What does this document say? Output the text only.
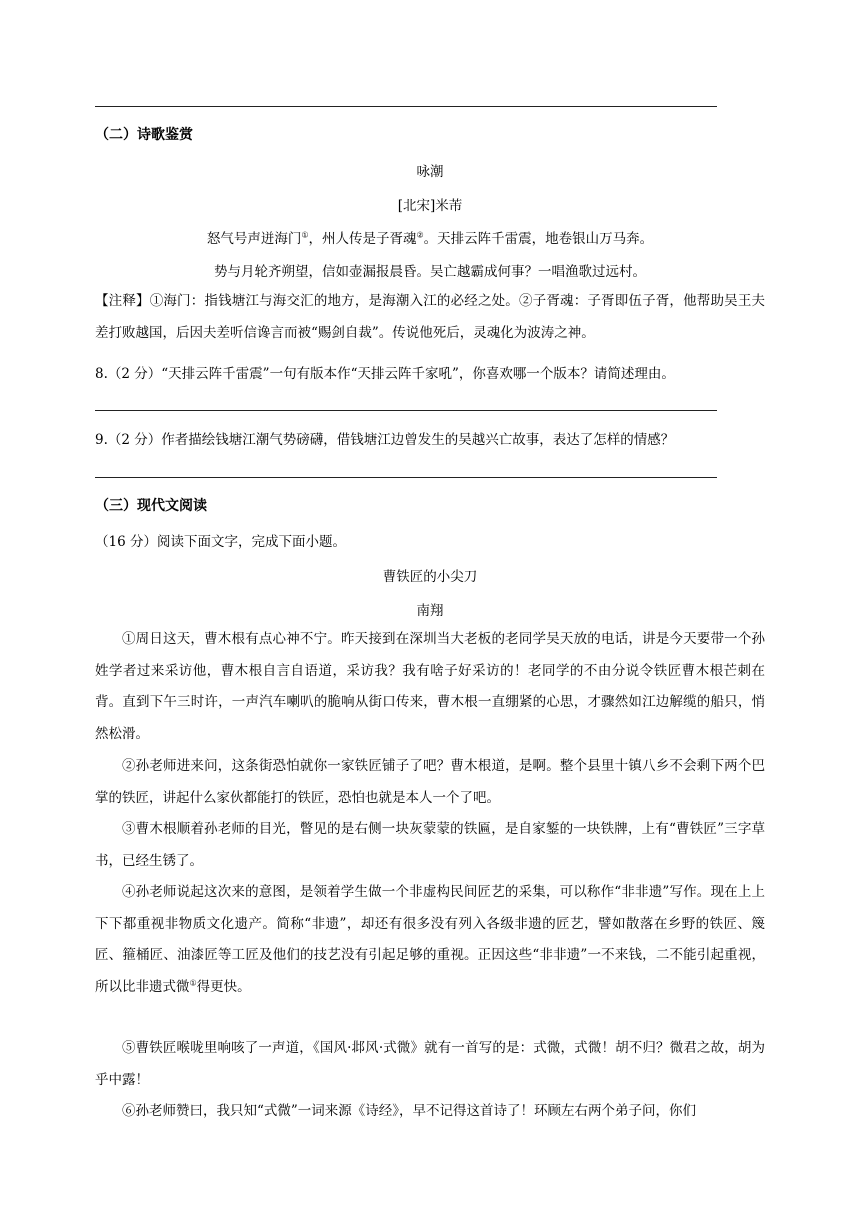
（二）诗歌鉴赏

咏潮

[北宋]米芾

怒气号声迸海门①，州人传是子胥魂②。天排云阵千雷震，地卷银山万马奔。

势与月轮齐朔望，信如壶漏报晨昏。吴亡越霸成何事？一唱渔歌过远村。

【注释】①海门：指钱塘江与海交汇的地方，是海潮入江的必经之处。②子胥魂：子胥即伍子胥，他帮助吴王夫差打败越国，后因夫差听信谗言而被“赐剑自裁”。传说他死后，灵魂化为波涛之神。

8.（2 分）“天排云阵千雷震”一句有版本作“天排云阵千家吼”，你喜欢哪一个版本？请简述理由。

9.（2 分）作者描绘钱塘江潮气势磅礴，借钱塘江边曾发生的吴越兴亡故事，表达了怎样的情感？

（三）现代文阅读

（16 分）阅读下面文字，完成下面小题。

曹铁匠的小尖刀

南翔

①周日这天，曹木根有点心神不宁。昨天接到在深圳当大老板的老同学吴天放的电话，讲是今天要带一个孙姓学者过来采访他，曹木根自言自语道，采访我？我有啥子好采访的！老同学的不由分说令铁匠曹木根芒刺在背。直到下午三时许，一声汽车喇叭的脆响从街口传来，曹木根一直绷紧的心思，才骤然如江边解缆的船只，悄然松滑。

②孙老师进来问，这条街恐怕就你一家铁匠铺子了吧？曹木根道，是啊。整个县里十镇八乡不会剩下两个巴掌的铁匠，讲起什么家伙都能打的铁匠，恐怕也就是本人一个了吧。

③曹木根顺着孙老师的目光，瞥见的是右侧一块灰蒙蒙的铁匾，是自家錾的一块铁牌，上有“曹铁匠”三字草书，已经生锈了。

④孙老师说起这次来的意图，是领着学生做一个非虚构民间匠艺的采集，可以称作“非非遗”写作。现在上上下下都重视非物质文化遗产。简称“非遗”，却还有很多没有列入各级非遗的匠艺，譬如散落在乡野的铁匠、篾匠、箍桶匠、油漆匠等工匠及他们的技艺没有引起足够的重视。正因这些“非非遗”一不来钱，二不能引起重视，所以比非遗式微①得更快。

⑤曹铁匠喉咙里响咳了一声道，《国风·邶风·式微》就有一首写的是：式微，式微！胡不归？微君之故，胡为乎中露！

⑥孙老师赞曰，我只知“式微”一词来源《诗经》，早不记得这首诗了！环顾左右两个弟子问，你们
